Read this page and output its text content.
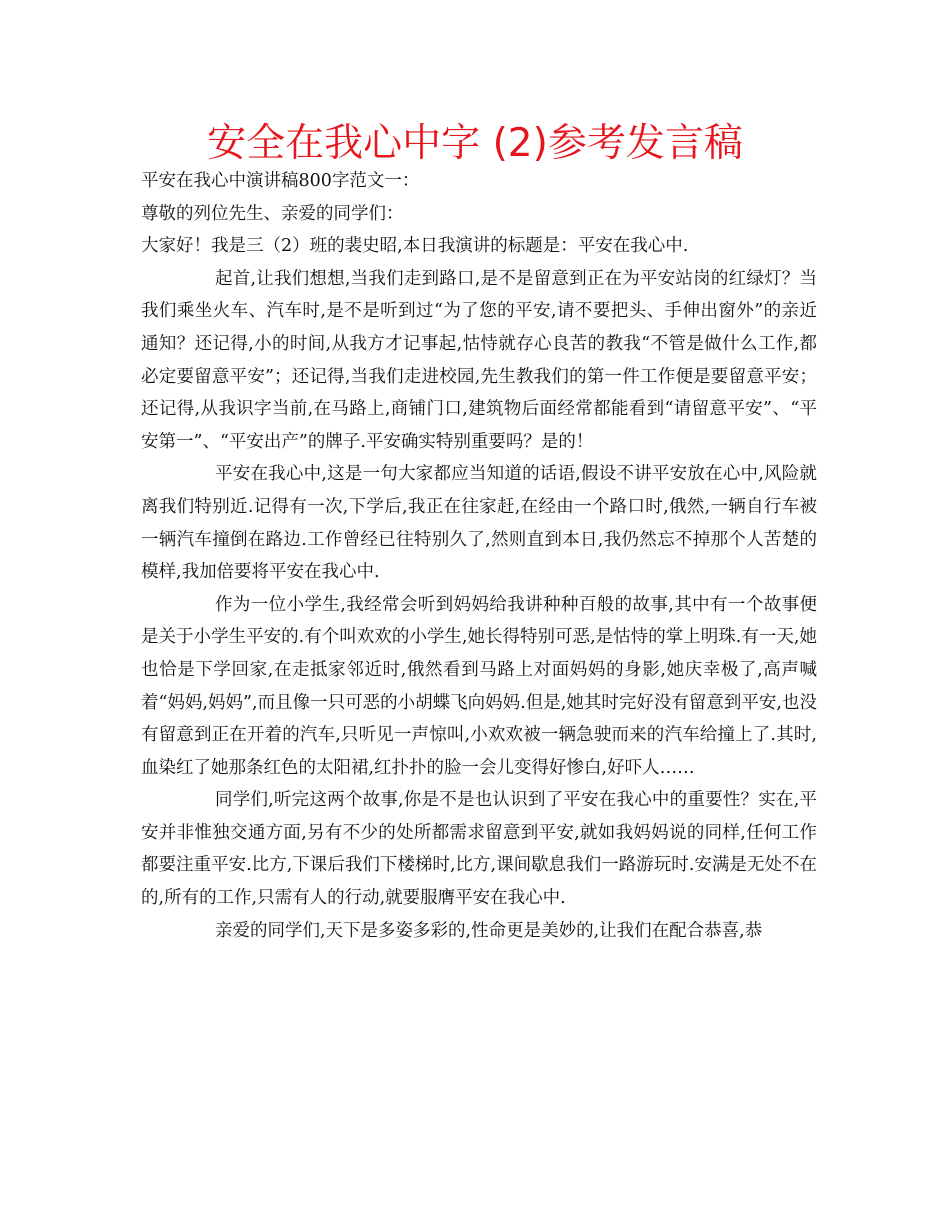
安全在我心中字 (2)参考发言稿

平安在我心中演讲稿800字范文一：

尊敬的列位先生、亲爱的同学们：

大家好！我是三（2）班的裴史昭,本日我演讲的标题是：平安在我心中.

起首,让我们想想,当我们走到路口,是不是留意到正在为平安站岗的红绿灯？当我们乘坐火车、汽车时,是不是听到过“为了您的平安,请不要把头、手伸出窗外”的亲近通知？还记得,小的时间,从我方才记事起,怙恃就存心良苦的教我“不管是做什么工作,都必定要留意平安”；还记得,当我们走进校园,先生教我们的第一件工作便是要留意平安；还记得,从我识字当前,在马路上,商铺门口,建筑物后面经常都能看到“请留意平安”、“平安第一”、“平安出产”的牌子.平安确实特别重要吗？是的！

平安在我心中,这是一句大家都应当知道的话语,假设不讲平安放在心中,风险就离我们特别近.记得有一次,下学后,我正在往家赶,在经由一个路口时,俄然,一辆自行车被一辆汽车撞倒在路边.工作曾经已往特别久了,然则直到本日,我仍然忘不掉那个人苦楚的模样,我加倍要将平安在我心中.

作为一位小学生,我经常会听到妈妈给我讲种种百般的故事,其中有一个故事便是关于小学生平安的.有个叫欢欢的小学生,她长得特别可恶,是怙恃的掌上明珠.有一天,她也恰是下学回家,在走抵家邻近时,俄然看到马路上对面妈妈的身影,她庆幸极了,高声喊着“妈妈,妈妈”,而且像一只可恶的小胡蝶飞向妈妈.但是,她其时完好没有留意到平安,也没有留意到正在开着的汽车,只听见一声惊叫,小欢欢被一辆急驶而来的汽车给撞上了.其时,血染红了她那条红色的太阳裙,红扑扑的脸一会儿变得好惨白,好吓人……

同学们,听完这两个故事,你是不是也认识到了平安在我心中的重要性？实在,平安并非惟独交通方面,另有不少的处所都需求留意到平安,就如我妈妈说的同样,任何工作都要注重平安.比方,下课后我们下楼梯时,比方,课间歇息我们一路游玩时.安满是无处不在的,所有的工作,只需有人的行动,就要服膺平安在我心中.

亲爱的同学们,天下是多姿多彩的,性命更是美妙的,让我们在配合恭喜,恭
